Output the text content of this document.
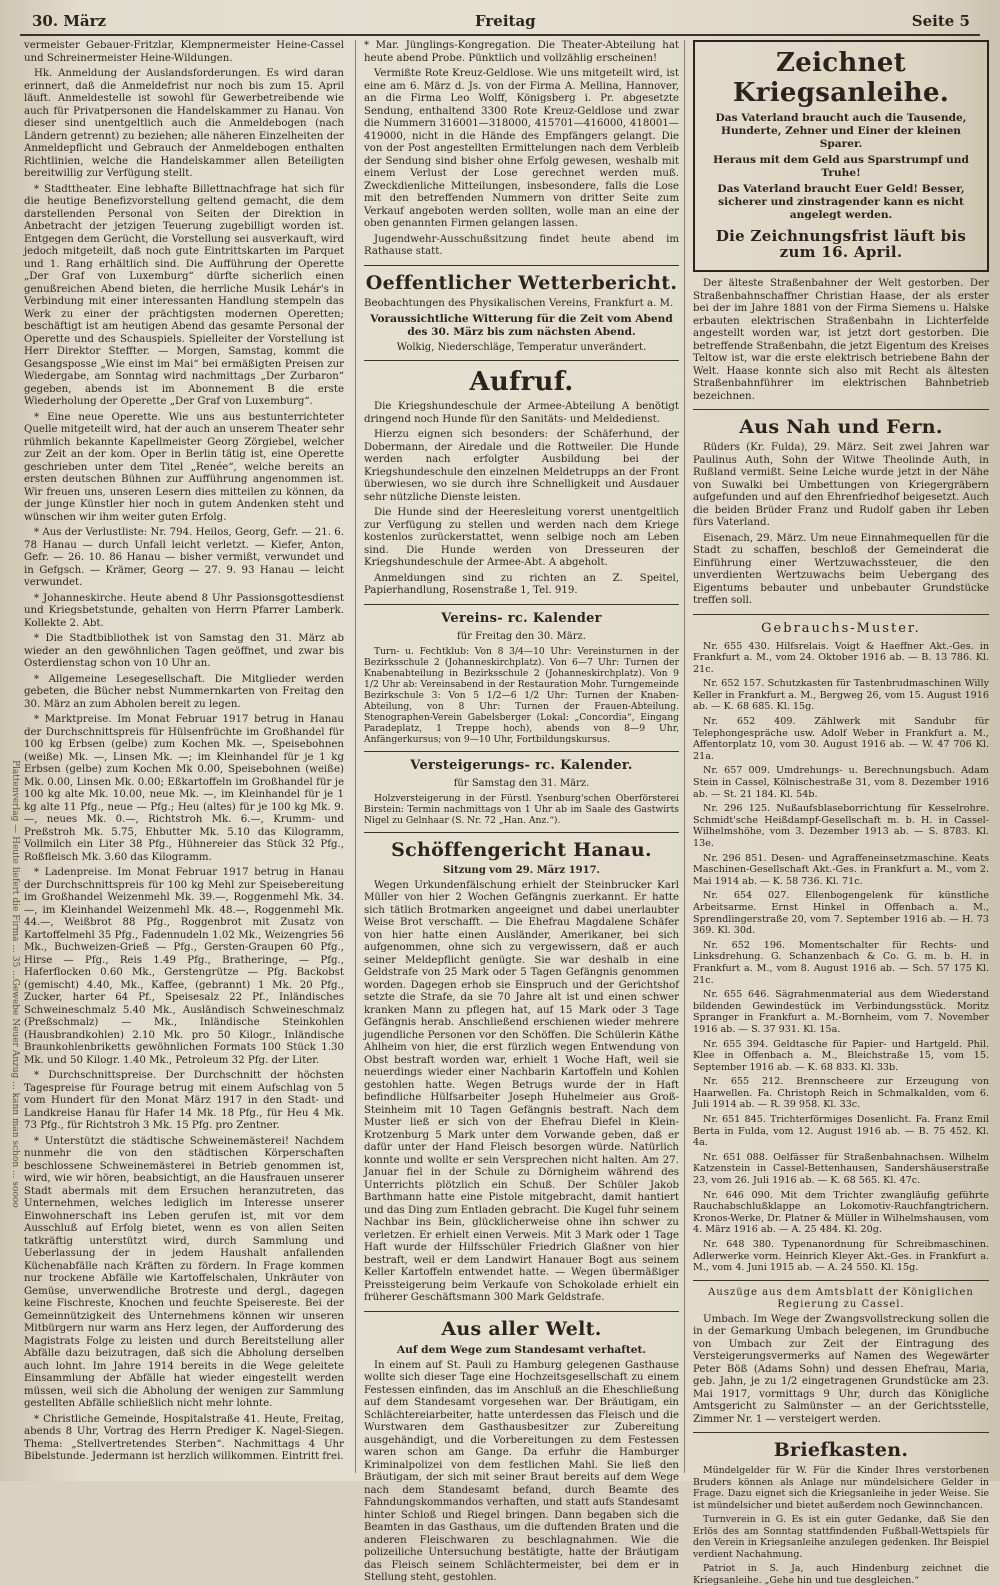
30. März	Freitag	Seite 5
Plattenverlag — Heute liefert die Firma ... 35 ...Gewebe Neuer Anzug ... kann man schon ... soooo

vermeister Gebauer-Fritzlar, Klempnermeister Heine-Cassel und Schreinermeister Heine-Wildungen.

Hk. Anmeldung der Auslandsforderungen. Es wird daran erinnert, daß die Anmeldefrist nur noch bis zum 15. April läuft. Anmeldestelle ist sowohl für Gewerbetreibende wie auch für Privatpersonen die Handelskammer zu Hanau. Von dieser sind unentgeltlich auch die Anmeldebogen (nach Ländern getrennt) zu beziehen; alle näheren Einzelheiten der Anmeldepflicht und Gebrauch der Anmeldebogen enthalten Richtlinien, welche die Handelskammer allen Beteiligten bereitwillig zur Verfügung stellt.

* Stadttheater. Eine lebhafte Billettnachfrage hat sich für die heutige Benefizvorstellung geltend gemacht, die dem darstellenden Personal von Seiten der Direktion in Anbetracht der jetzigen Teuerung zugebilligt worden ist. Entgegen dem Gerücht, die Vorstellung sei ausverkauft, wird jedoch mitgeteilt, daß noch gute Eintrittskarten im Parquet und 1. Rang erhältlich sind. Die Aufführung der Operette „Der Graf von Luxemburg“ dürfte sicherlich einen genußreichen Abend bieten, die herrliche Musik Lehár's in Verbindung mit einer interessanten Handlung stempeln das Werk zu einer der prächtigsten modernen Operetten; beschäftigt ist am heutigen Abend das gesamte Personal der Operette und des Schauspiels. Spielleiter der Vorstellung ist Herr Direktor Steffter. — Morgen, Samstag, kommt die Gesangsposse „Wie einst im Mai“ bei ermäßigten Preisen zur Wiedergabe, am Sonntag wird nachmittags „Der Zurbaron“ gegeben, abends ist im Abonnement B die erste Wiederholung der Operette „Der Graf von Luxemburg“.

* Eine neue Operette. Wie uns aus bestunterrichteter Quelle mitgeteilt wird, hat der auch an unserem Theater sehr rühmlich bekannte Kapellmeister Georg Zörgiebel, welcher zur Zeit an der kom. Oper in Berlin tätig ist, eine Operette geschrieben unter dem Titel „Renée“, welche bereits an ersten deutschen Bühnen zur Aufführung angenommen ist. Wir freuen uns, unseren Lesern dies mitteilen zu können, da der junge Künstler hier noch in gutem Andenken steht und wünschen wir ihm weiter guten Erfolg.

* Aus der Verlustliste: Nr. 794. Heilos, Georg, Gefr. — 21. 6. 78 Hanau — durch Unfall leicht verletzt. — Kiefer, Anton, Gefr. — 26. 10. 86 Hanau — bisher vermißt, verwundet und in Gefgsch. — Krämer, Georg — 27. 9. 93 Hanau — leicht verwundet.

* Johanneskirche. Heute abend 8 Uhr Passionsgottesdienst und Kriegsbetstunde, gehalten von Herrn Pfarrer Lamberk. Kollekte 2. Abt.

* Die Stadtbibliothek ist von Samstag den 31. März ab wieder an den gewöhnlichen Tagen geöffnet, und zwar bis Osterdienstag schon von 10 Uhr an.

* Allgemeine Lesegesellschaft. Die Mitglieder werden gebeten, die Bücher nebst Nummernkarten von Freitag den 30. März an zum Abholen bereit zu legen.

* Marktpreise. Im Monat Februar 1917 betrug in Hanau der Durchschnittspreis für Hülsenfrüchte im Großhandel für 100 kg Erbsen (gelbe) zum Kochen Mk. —, Speisebohnen (weiße) Mk. —, Linsen Mk. —; im Kleinhandel für je 1 kg Erbsen (gelbe) zum Kochen Mk 0.00, Speisebohnen (weiße) Mk. 0.00, Linsen Mk. 0.00; Eßkartoffeln im Großhandel für je 100 kg alte Mk. 10.00, neue Mk. —, im Kleinhandel für je 1 kg alte 11 Pfg., neue — Pfg.; Heu (altes) für je 100 kg Mk. 9.—, neues Mk. 0.—, Richtstroh Mk. 6.—, Krumm- und Preßstroh Mk. 5.75, Ehbutter Mk. 5.10 das Kilogramm, Vollmilch ein Liter 38 Pfg., Hühnereier das Stück 32 Pfg., Roßfleisch Mk. 3.60 das Kilogramm.

* Ladenpreise. Im Monat Februar 1917 betrug in Hanau der Durchschnittspreis für 100 kg Mehl zur Speisebereitung im Großhandel Weizenmehl Mk. 39.—, Roggenmehl Mk. 34.—, im Kleinhandel Weizenmehl Mk. 48.—, Roggenmehl Mk. 44.—, Weißbrot 88 Pfg., Roggenbrot mit Zusatz von Kartoffelmehl 35 Pfg., Fadennudeln 1.02 Mk., Weizengries 56 Mk., Buchweizen-Grieß — Pfg., Gersten-Graupen 60 Pfg., Hirse — Pfg., Reis 1.49 Pfg., Bratheringe, — Pfg., Haferflocken 0.60 Mk., Gerstengrütze — Pfg. Backobst (gemischt) 4.40, Mk., Kaffee, (gebrannt) 1 Mk. 20 Pfg., Zucker, harter 64 Pf., Speisesalz 22 Pf., Inländisches Schweineschmalz 5.40 Mk., Ausländisch Schweineschmalz (Preßschmalz) — Mk., Inländische Steinkohlen (Hausbrandkohlen) 2.10 Mk. pro 50 Kilogr., Inländische Braunkohlenbriketts gewöhnlichen Formats 100 Stück 1.30 Mk. und 50 Kilogr. 1.40 Mk., Petroleum 32 Pfg. der Liter.

* Durchschnittspreise. Der Durchschnitt der höchsten Tagespreise für Fourage betrug mit einem Aufschlag von 5 vom Hundert für den Monat März 1917 in den Stadt- und Landkreise Hanau für Hafer 14 Mk. 18 Pfg., für Heu 4 Mk. 73 Pfg., für Richtstroh 3 Mk. 15 Pfg. pro Zentner.

* Unterstützt die städtische Schweinemästerei! Nachdem nunmehr die von den städtischen Körperschaften beschlossene Schweinemästerei in Betrieb genommen ist, wird, wie wir hören, beabsichtigt, an die Hausfrauen unserer Stadt abermals mit dem Ersuchen heranzutreten, das Unternehmen, welches lediglich im Interesse unserer Einwohnerschaft ins Leben gerufen ist, mit vor dem Ausschluß auf Erfolg bietet, wenn es von allen Seiten tatkräftig unterstützt wird, durch Sammlung und Ueberlassung der in jedem Haushalt anfallenden Küchenabfälle nach Kräften zu fördern. In Frage kommen nur trockene Abfälle wie Kartoffelschalen, Unkräuter von Gemüse, unverwendliche Brotreste und dergl., dagegen keine Fischreste, Knochen und feuchte Speisereste. Bei der Gemeinnützigkeit des Unternehmens können wir unseren Mitbürgern nur warm ans Herz legen, der Aufforderung des Magistrats Folge zu leisten und durch Bereitstellung aller Abfälle dazu beizutragen, daß sich die Abholung derselben auch lohnt. Im Jahre 1914 bereits in die Wege geleitete Einsammlung der Abfälle hat wieder eingestellt werden müssen, weil sich die Abholung der wenigen zur Sammlung gestellten Abfälle schließlich nicht mehr lohnte.

* Christliche Gemeinde, Hospitalstraße 41. Heute, Freitag, abends 8 Uhr, Vortrag des Herrn Prediger K. Nagel-Siegen. Thema: „Stellvertretendes Sterben“. Nachmittags 4 Uhr Bibelstunde. Jedermann ist herzlich willkommen. Eintritt frei.

* Mar. Jünglings-Kongregation. Die Theater-Abteilung hat heute abend Probe. Pünktlich und vollzählig erscheinen!

Vermißte Rote Kreuz-Geldlose. Wie uns mitgeteilt wird, ist eine am 6. März d. Js. von der Firma A. Mellina, Hannover, an die Firma Leo Wolff, Königsberg i. Pr. abgesetzte Sendung, enthaltend 3300 Rote Kreuz-Geldlose und zwar die Nummern 316001—318000, 415701—416000, 418001—419000, nicht in die Hände des Empfängers gelangt. Die von der Post angestellten Ermittelungen nach dem Verbleib der Sendung sind bisher ohne Erfolg gewesen, weshalb mit einem Verlust der Lose gerechnet werden muß. Zweckdienliche Mitteilungen, insbesondere, falls die Lose mit den betreffenden Nummern von dritter Seite zum Verkauf angeboten werden sollten, wolle man an eine der oben genannten Firmen gelangen lassen.

Jugendwehr-Ausschußsitzung findet heute abend im Rathause statt.

Oeffentlicher Wetterbericht.

Beobachtungen des Physikalischen Vereins, Frankfurt a. M.

Voraussichtliche Witterung für die Zeit vom Abend des 30. März bis zum nächsten Abend.

Wolkig, Niederschläge, Temperatur unverändert.

Aufruf.

Die Kriegshundeschule der Armee-Abteilung A benötigt dringend noch Hunde für den Sanitäts- und Meldedienst.

Hierzu eignen sich besonders: der Schäferhund, der Dobermann, der Airedale und die Rottweiler. Die Hunde werden nach erfolgter Ausbildung bei der Kriegshundeschule den einzelnen Meldetrupps an der Front überwiesen, wo sie durch ihre Schnelligkeit und Ausdauer sehr nützliche Dienste leisten.

Die Hunde sind der Heeresleitung vorerst unentgeltlich zur Verfügung zu stellen und werden nach dem Kriege kostenlos zurückerstattet, wenn selbige noch am Leben sind. Die Hunde werden von Dresseuren der Kriegshundeschule der Armee-Abt. A abgeholt.

Anmeldungen sind zu richten an Z. Speitel, Papierhandlung, Rosenstraße 1, Tel. 919.

Vereins- rc. Kalender

für Freitag den 30. März.

Turn- u. Fechtklub: Von 8 3/4—10 Uhr: Vereinsturnen in der Bezirksschule 2 (Johanneskirchplatz). Von 6—7 Uhr: Turnen der Knabenabteilung in Bezirksschule 2 (Johanneskirchplatz). Von 9 1/2 Uhr ab: Vereinsabend in der Restauration Mohr. Turngemeinde Bezirkschule 3: Von 5 1/2—6 1/2 Uhr: Turnen der Knaben-Abteilung, von 8 Uhr: Turnen der Frauen-Abteilung. Stenographen-Verein Gabelsberger (Lokal: „Concordia“, Eingang Paradeplatz, 1 Treppe hoch), abends von 8—9 Uhr, Anfängerkursus; von 9—10 Uhr, Fortbildungskursus.

Versteigerungs- rc. Kalender.

für Samstag den 31. März.

Holzversteigerung in der Fürstl. Ysenburg'schen Oberförsterei Birstein: Termin nachmittags von 1 Uhr ab im Saale des Gastwirts Nigel zu Gelnhaar (S. Nr. 72 „Han. Anz.“).

Schöffengericht Hanau.

Sitzung vom 29. März 1917.

Wegen Urkundenfälschung erhielt der Steinbrucker Karl Müller von hier 2 Wochen Gefängnis zuerkannt. Er hatte sich tätlich Brotmarken angeeignet und dabei unerlaubter Weise Brot verschafft. — Die Ehefrau Magdalene Schäfer von hier hatte einen Ausländer, Amerikaner, bei sich aufgenommen, ohne sich zu vergewissern, daß er auch seiner Meldepflicht genügte. Sie war deshalb in eine Geldstrafe von 25 Mark oder 5 Tagen Gefängnis genommen worden. Dagegen erhob sie Einspruch und der Gerichtshof setzte die Strafe, da sie 70 Jahre alt ist und einen schwer kranken Mann zu pflegen hat, auf 15 Mark oder 3 Tage Gefängnis herab. Anschließend erschienen wieder mehrere jugendliche Personen vor den Schöffen. Die Schülerin Käthe Ahlheim von hier, die erst fürzlich wegen Entwendung von Obst bestraft worden war, erhielt 1 Woche Haft, weil sie neuerdings wieder einer Nachbarin Kartoffeln und Kohlen gestohlen hatte. Wegen Betrugs wurde der in Haft befindliche Hülfsarbeiter Joseph Huhelmeier aus Groß-Steinheim mit 10 Tagen Gefängnis bestraft. Nach dem Muster ließ er sich von der Ehefrau Diefel in Klein-Krotzenburg 5 Mark unter dem Vorwande geben, daß er dafür unter der Hand Fleisch besorgen würde. Natürlich konnte und wollte er sein Versprechen nicht halten. Am 27. Januar fiel in der Schule zu Dörnigheim während des Unterrichts plötzlich ein Schuß. Der Schüler Jakob Barthmann hatte eine Pistole mitgebracht, damit hantiert und das Ding zum Entladen gebracht. Die Kugel fuhr seinem Nachbar ins Bein, glücklicherweise ohne ihn schwer zu verletzen. Er erhielt einen Verweis. Mit 3 Mark oder 1 Tage Haft wurde der Hilfsschüler Friedrich Glaßner von hier bestraft, weil er dem Landwirt Hanauer Bogt aus seinem Keller Kartoffeln entwendet hatte. — Wegen übermäßiger Preissteigerung beim Verkaufe von Schokolade erhielt ein früherer Geschäftsmann 300 Mark Geldstrafe.

Aus aller Welt.

Auf dem Wege zum Standesamt verhaftet.

In einem auf St. Pauli zu Hamburg gelegenen Gasthause wollte sich dieser Tage eine Hochzeitsgesellschaft zu einem Festessen einfinden, das im Anschluß an die Eheschließung auf dem Standesamt vorgesehen war. Der Bräutigam, ein Schlächtereiarbeiter, hatte unterdessen das Fleisch und die Wurstwaren dem Gasthausbesitzer zur Zubereitung ausgehändigt, und die Vorbereitungen zu dem Festessen waren schon am Gange. Da erfuhr die Hamburger Kriminalpolizei von dem festlichen Mahl. Sie ließ den Bräutigam, der sich mit seiner Braut bereits auf dem Wege nach dem Standesamt befand, durch Beamte des Fahndungskommandos verhaften, und statt aufs Standesamt hinter Schloß und Riegel bringen. Dann begaben sich die Beamten in das Gasthaus, um die duftenden Braten und die anderen Fleischwaren zu beschlagnahmen. Wie die polizeiliche Untersuchung bestätigte, hatte der Bräutigam das Fleisch seinem Schlächtermeister, bei dem er in Stellung steht, gestohlen.

Zeichnet Kriegsanleihe.

Das Vaterland braucht auch die Tausende, Hunderte, Zehner und Einer der kleinen Sparer.

Heraus mit dem Geld aus Sparstrumpf und Truhe!

Das Vaterland braucht Euer Geld! Besser, sicherer und zinstragender kann es nicht angelegt werden.

Die Zeichnungsfrist läuft bis zum 16. April.

Der älteste Straßenbahner der Welt gestorben. Der Straßenbahnschaffner Christian Haase, der als erster bei der im Jahre 1881 von der Firma Siemens u. Halske erbauten elektrischen Straßenbahn in Lichterfelde angestellt worden war, ist jetzt dort gestorben. Die betreffende Straßenbahn, die jetzt Eigentum des Kreises Teltow ist, war die erste elektrisch betriebene Bahn der Welt. Haase konnte sich also mit Recht als ältesten Straßenbahnführer im elektrischen Bahnbetrieb bezeichnen.

Aus Nah und Fern.

Rüders (Kr. Fulda), 29. März. Seit zwei Jahren war Paulinus Auth, Sohn der Witwe Theolinde Auth, in Rußland vermißt. Seine Leiche wurde jetzt in der Nähe von Suwalki bei Umbettungen von Kriegergräbern aufgefunden und auf den Ehrenfriedhof beigesetzt. Auch die beiden Brüder Franz und Rudolf gaben ihr Leben fürs Vaterland.

Eisenach, 29. März. Um neue Einnahmequellen für die Stadt zu schaffen, beschloß der Gemeinderat die Einführung einer Wertzuwachssteuer, die den unverdienten Wertzuwachs beim Uebergang des Eigentums bebauter und unbebauter Grundstücke treffen soll.

Gebrauchs-Muster.

Nr. 655 430. Hilfsrelais. Voigt & Haeffner Akt.-Ges. in Frankfurt a. M., vom 24. Oktober 1916 ab. — B. 13 786. Kl. 21c.

Nr. 652 157. Schutzkasten für Tastenbrudmaschinen Willy Keller in Frankfurt a. M., Bergweg 26, vom 15. August 1916 ab. — K. 68 685. Kl. 15g.

Nr. 652 409. Zählwerk mit Sandubr für Telephongespräche usw. Adolf Weber in Frankfurt a. M., Affentorplatz 10, vom 30. August 1916 ab. — W. 47 706 Kl. 21a.

Nr. 657 009. Umdrehungs- u. Berechnungsbuch. Adam Stein in Cassel, Kölnischestraße 31, vom 8. Dezember 1916 ab. — St. 21 184. Kl. 54b.

Nr. 296 125. Nußaufsblaseborrichtung für Kesselrohre. Schmidt'sche Heißdampf-Gesellschaft m. b. H. in Cassel-Wilhelmshöhe, vom 3. Dezember 1913 ab. — S. 8783. Kl. 13e.

Nr. 296 851. Desen- und Agraffeneinsetzmaschine. Keats Maschinen-Gesellschaft Akt.-Ges. in Frankfurt a. M., vom 2. Mai 1914 ab. — K. 58 736. Kl. 71c.

Nr. 654 027. Ellenbogengelenk für künstliche Arbeitsarme. Ernst Hinkel in Offenbach a. M., Sprendlingerstraße 20, vom 7. September 1916 ab. — H. 73 369. Kl. 30d.

Nr. 652 196. Momentschalter für Rechts- und Linksdrehung. G. Schanzenbach & Co. G. m. b. H. in Frankfurt a. M., vom 8. August 1916 ab. — Sch. 57 175 Kl. 21c.

Nr. 655 646. Sägrahmenmaterial aus dem Wiederstand bildenden Gewindestück im Verbindungsstück. Moritz Spranger in Frankfurt a. M.-Bornheim, vom 7. November 1916 ab. — S. 37 931. Kl. 15a.

Nr. 655 394. Geldtasche für Papier- und Hartgeld. Phil. Klee in Offenbach a. M., Bleichstraße 15, vom 15. September 1916 ab. — K. 68 833. Kl. 33b.

Nr. 655 212. Brennscheere zur Erzeugung von Haarwellen. Fa. Christoph Reich in Schmalkalden, vom 6. Juli 1914 ab. — R. 39 958. Kl. 33c.

Nr. 651 845. Trichterförmiges Dosenlicht. Fa. Franz Emil Berta in Fulda, vom 12. August 1916 ab. — B. 75 452. Kl. 4a.

Nr. 651 088. Oelfässer für Straßenbahnachsen. Wilhelm Katzenstein in Cassel-Bettenhausen, Sandershäuserstraße 23, vom 26. Juli 1916 ab. — K. 68 565. Kl. 47c.

Nr. 646 090. Mit dem Trichter zwangläufig geführte Rauchabschlußklappe an Lokomotiv-Rauchfangtrichern. Kronos-Werke, Dr. Platner & Müller in Wilhelmshausen, vom 4. März 1916 ab. — A. 25 484. Kl. 20g.

Nr. 648 380. Typenanordnung für Schreibmaschinen. Adlerwerke vorm. Heinrich Kleyer Akt.-Ges. in Frankfurt a. M., vom 4. Juni 1915 ab. — A. 24 550. Kl. 15g.

Auszüge aus dem Amtsblatt der Königlichen Regierung zu Cassel.

Umbach. Im Wege der Zwangsvollstreckung sollen die in der Gemarkung Umbach belegenen, im Grundbuche von Umbach zur Zeit der Eintragung des Versteigerungsvermerks auf Namen des Wegewärter Peter Böß (Adams Sohn) und dessen Ehefrau, Maria, geb. Jahn, je zu 1/2 eingetragenen Grundstücke am 23. Mai 1917, vormittags 9 Uhr, durch das Königliche Amtsgericht zu Salmünster — an der Gerichtsstelle, Zimmer Nr. 1 — versteigert werden.

Briefkasten.

Mündelgelder für W. Für die Kinder Ihres verstorbenen Bruders können als Anlage nur mündelsichere Gelder in Frage. Dazu eignet sich die Kriegsanleihe in jeder Weise. Sie ist mündelsicher und bietet außerdem noch Gewinnchancen.

Turnverein in G. Es ist ein guter Gedanke, daß Sie den Erlös des am Sonntag stattfindenden Fußball-Wettspiels für den Verein in Kriegsanleihe anzulegen gedenken. Ihr Beispiel verdient Nachahmung.

Patriot in S. Ja, auch Hindenburg zeichnet die Kriegsanleihe. „Gehe hin und tue desgleichen.“
